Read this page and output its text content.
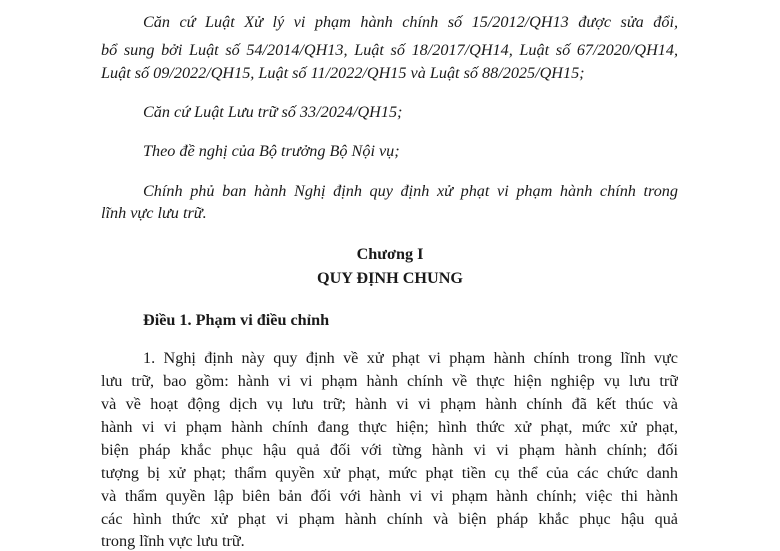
Căn cứ Luật Xử lý vi phạm hành chính số 15/2012/QH13 được sửa đổi,
bổ sung bởi Luật số 54/2014/QH13, Luật số 18/2017/QH14, Luật số 67/2020/QH14,
Luật số 09/2022/QH15, Luật số 11/2022/QH15 và Luật số 88/2025/QH15;
Căn cứ Luật Lưu trữ số 33/2024/QH15;
Theo đề nghị của Bộ trưởng Bộ Nội vụ;
Chính phủ ban hành Nghị định quy định xử phạt vi phạm hành chính trong
lĩnh vực lưu trữ.
Chương I
QUY ĐỊNH CHUNG
Điều 1. Phạm vi điều chỉnh
1. Nghị định này quy định về xử phạt vi phạm hành chính trong lĩnh vực
lưu trữ, bao gồm: hành vi vi phạm hành chính về thực hiện nghiệp vụ lưu trữ
và về hoạt động dịch vụ lưu trữ; hành vi vi phạm hành chính đã kết thúc và
hành vi vi phạm hành chính đang thực hiện; hình thức xử phạt, mức xử phạt,
biện pháp khắc phục hậu quả đối với từng hành vi vi phạm hành chính; đối
tượng bị xử phạt; thẩm quyền xử phạt, mức phạt tiền cụ thể của các chức danh
và thẩm quyền lập biên bản đối với hành vi vi phạm hành chính; việc thi hành
các hình thức xử phạt vi phạm hành chính và biện pháp khắc phục hậu quả
trong lĩnh vực lưu trữ.
